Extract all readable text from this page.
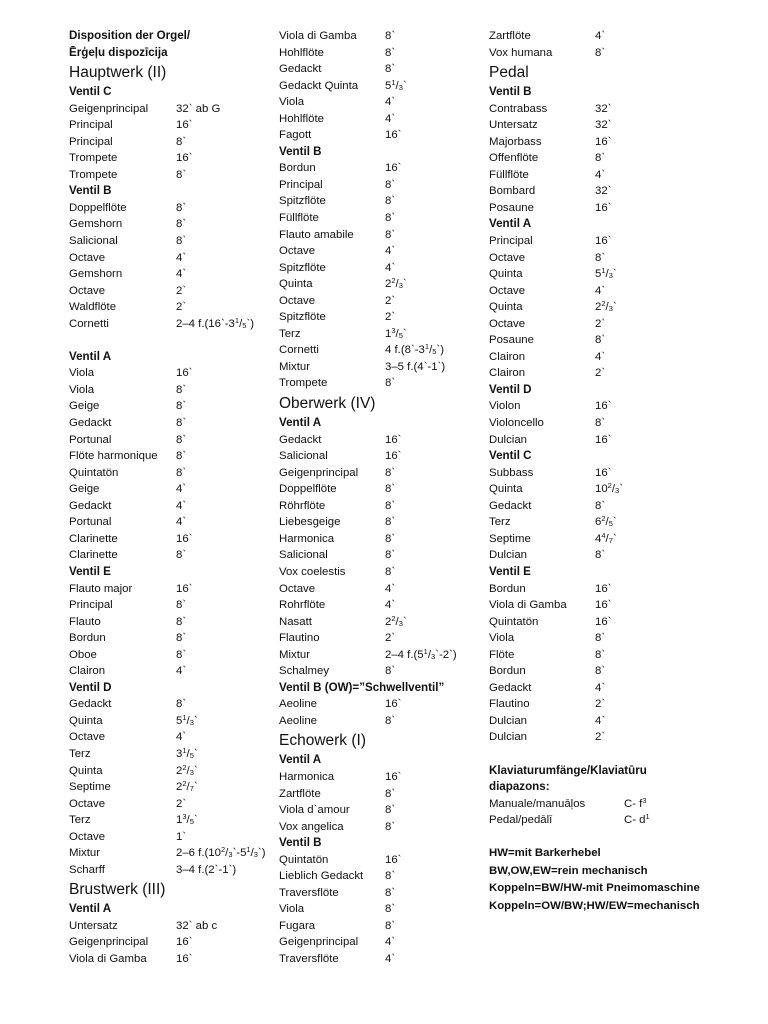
Disposition der Orgel/
Ērģeļu dispozīcija
Hauptwerk (II)
Ventil C
Geigenprincipal	32` ab G
Principal	16`
Principal	8`
Trompete	16`
Trompete	8`
Ventil B
Doppelflöte	8`
Gemshorn	8`
Salicional	8`
Octave	4`
Gemshorn	4`
Octave	2`
Waldflöte	2`
Cornetti	2–4 $f.(16`-3^1/_5`)$
Ventil A
Viola	16`
Viola	8`
Geige	8`
Gedackt	8`
Portunal	8`
Flöte harmonique	8`
Quintatön	8`
Geige	4`
Gedackt	4`
Portunal	4`
Clarinette	16`
Clarinette	8`
Ventil E
Flauto major	16`
Principal	8`
Flauto	8`
Bordun	8`
Oboe	8`
Clairon	4`
Ventil D
Gedackt	8`
Quinta	$5^1/_3`$
Octave	4`
Terz	$3^1/_5`$
Quinta	$2^2/_3`$
Septime	$2^2/_7`$
Octave	2`
Terz	$1^3/_5`$
Octave	1`
Mixtur	2–6 $f.(10^2/_3`-5^1/_3`)$
Scharff	3–4 f.(2`-1`)
Brustwerk (III)
Ventil A
Untersatz	32` ab c
Geigenprincipal	16`
Viola di Gamba	16`
Viola di Gamba	8`
Hohlflöte	8`
Gedackt	8`
Gedackt Quinta	$5^1/_3`$
Viola	4`
Hohlflöte	4`
Fagott	16`
Ventil B
Bordun	16`
Principal	8`
Spitzflöte	8`
Füllflöte	8`
Flauto amabile	8`
Octave	4`
Spitzflöte	4`
Quinta	$2^2/_3`$
Octave	2`
Spitzflöte	2`
Terz	$1^3/_5`$
Cornetti	4 $f.(8`-3^1/_5`)$
Mixtur	3–5 f.(4`-1`)
Trompete	8`
Oberwerk (IV)
Ventil A
Gedackt	16`
Salicional	16`
Geigenprincipal	8`
Doppelflöte	8`
Röhrflöte	8`
Liebesgeige	8`
Harmonica	8`
Salicional	8`
Vox coelestis	8`
Octave	4`
Rohrflöte	4`
Nasatt	$2^2/_3`$
Flautino	2`
Mixtur	2–4 $f.(5^1/_3`-2`)$
Schalmey	8`
Ventil B (OW)=”Schwellventil”
Aeoline	16`
Aeoline	8`
Echowerk (I)
Ventil A
Harmonica	16`
Zartflöte	8`
Viola d`amour	8`
Vox angelica	8`
Ventil B
Quintatön	16`
Lieblich Gedackt	8`
Traversflöte	8`
Viola	8`
Fugara	8`
Geigenprincipal	4`
Traversflöte	4`
Zartflöte	4`
Vox humana	8`
Pedal
Ventil B
Contrabass	32`
Untersatz	32`
Majorbass	16`
Offenflöte	8`
Füllflöte	4`
Bombard	32`
Posaune	16`
Ventil A
Principal	16`
Octave	8`
Quinta	$5^1/_3`$
Octave	4`
Quinta	$2^2/_3`$
Octave	2`
Posaune	8`
Clairon	4`
Clairon	2`
Ventil D
Violon	16`
Violoncello	8`
Dulcian	16`
Ventil C
Subbass	16`
Quinta	$10^2/_3`$
Gedackt	8`
Terz	$6^2/_5`$
Septime	$4^4/_7`$
Dulcian	8`
Ventil E
Bordun	16`
Viola di Gamba	16`
Quintatön	16`
Viola	8`
Flöte	8`
Bordun	8`
Gedackt	4`
Flautino	2`
Dulcian	4`
Dulcian	2`
Klaviaturumfänge/Klaviatūru
diapazons:
Manuale/manuāļos	C- $f^3$
Pedal/pedālī	C- $d^1$
HW=mit Barkerhebel
BW,OW,EW=rein mechanisch
Koppeln=BW/HW-mit Pneimomaschine
Koppeln=OW/BW;HW/EW=mechanisch
